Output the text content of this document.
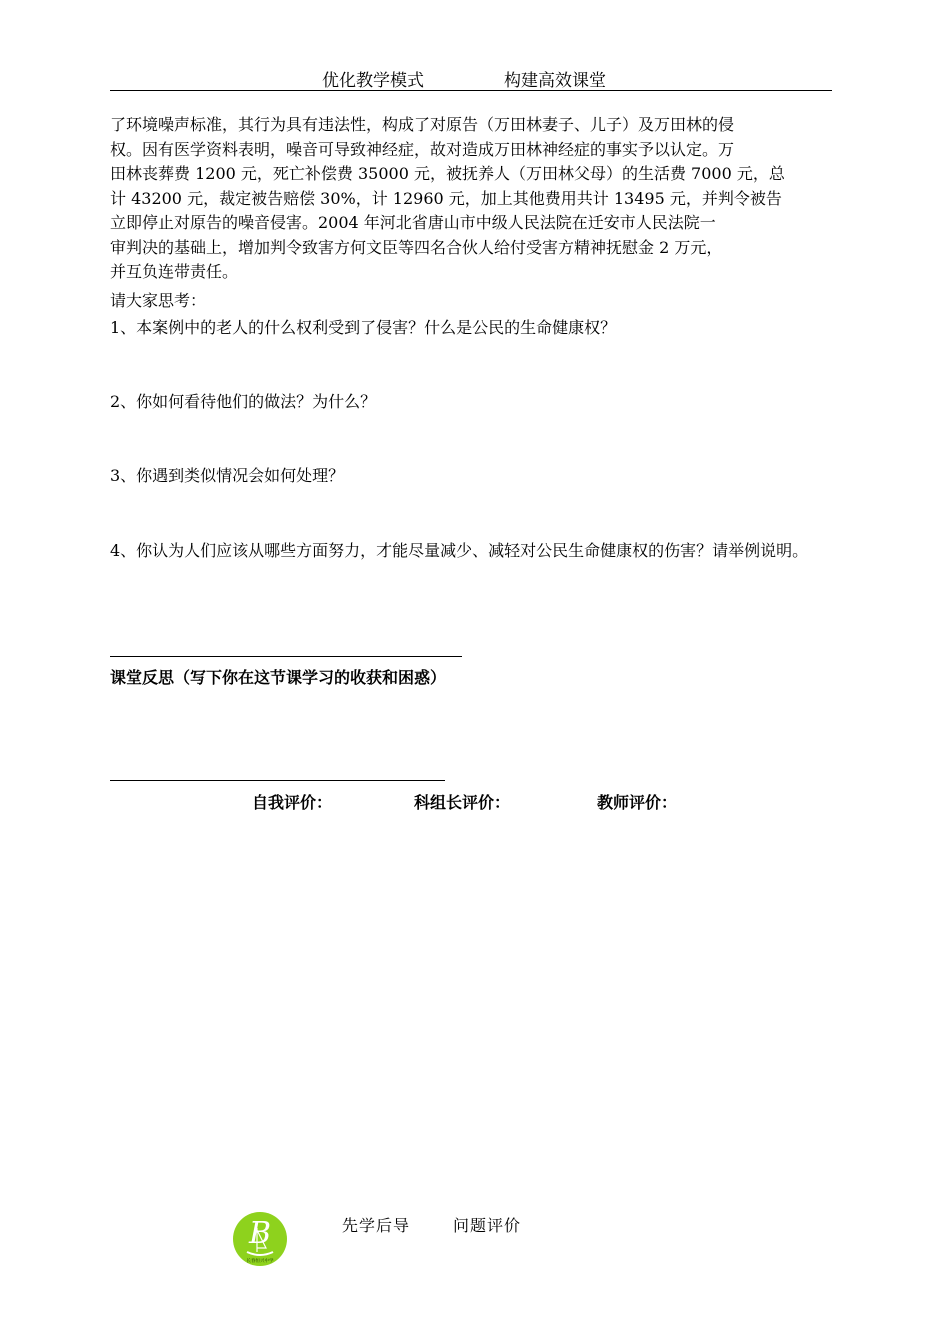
优化教学模式	构建高效课堂

了环境噪声标准，其行为具有违法性，构成了对原告（万田林妻子、儿子）及万田林的侵

权。因有医学资料表明，噪音可导致神经症，故对造成万田林神经症的事实予以认定。万

田林丧葬费 1200 元，死亡补偿费 35000 元，被抚养人（万田林父母）的生活费 7000 元，总

计 43200 元，裁定被告赔偿 30%，计 12960 元，加上其他费用共计 13495 元，并判令被告

立即停止对原告的噪音侵害。2004 年河北省唐山市中级人民法院在迁安市人民法院一

审判决的基础上，增加判令致害方何文臣等四名合伙人给付受害方精神抚慰金 2 万元，

并互负连带责任。

请大家思考：
1、本案例中的老人的什么权利受到了侵害？什么是公民的生命健康权？
2、你如何看待他们的做法？为什么？
3、你遇到类似情况会如何处理？
4、你认为人们应该从哪些方面努力，才能尽量减少、减轻对公民生命健康权的伤害？请举例说明。
课堂反思（写下你在这节课学习的收获和困惑）
自我评价：	科组长评价：	教师评价：
B
长春恒兴中学
先学后导	问题评价
